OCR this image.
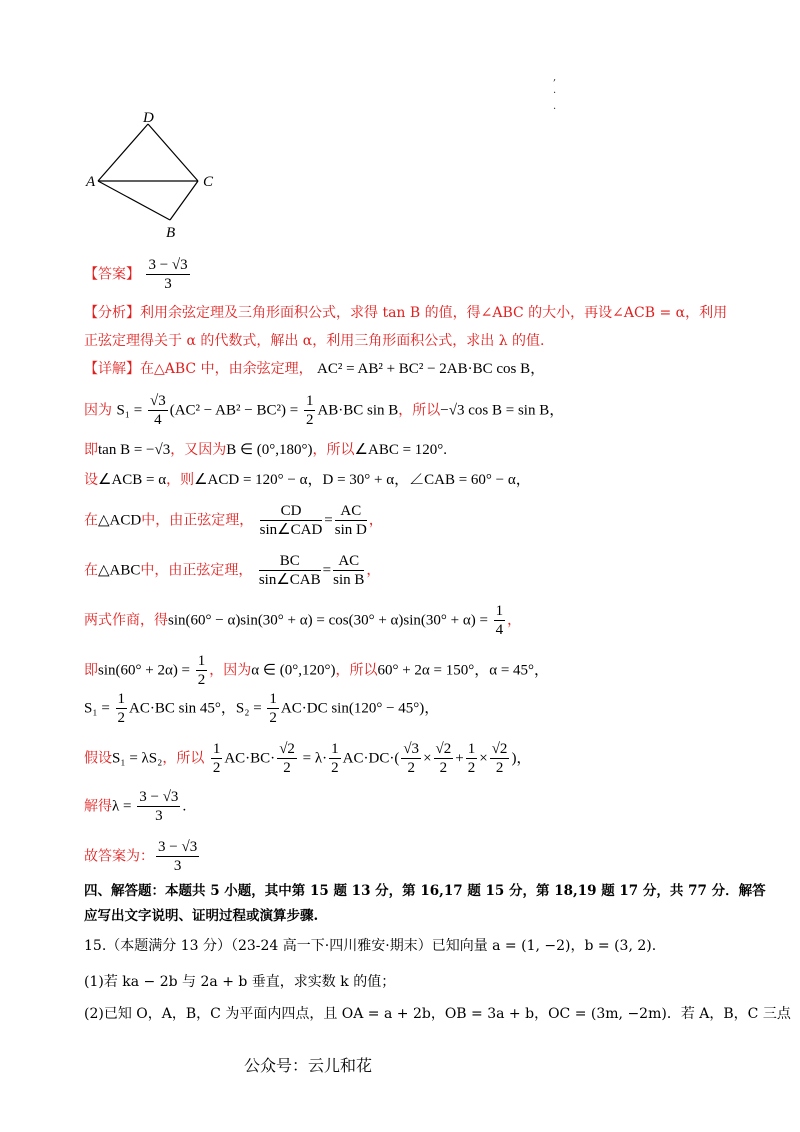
D
A	C
B
,
·
·
【答案】 $\frac{3 - √3}{3}$
【分析】利用余弦定理及三角形面积公式，求得 tan B 的值，得∠ABC 的大小，再设∠ACB = α，利用
正弦定理得关于 α 的代数式，解出 α，利用三角形面积公式，求出 λ 的值.
【详解】在△ABC 中，由余弦定理， AC² = AB² + BC² − 2AB·BC cos B，
因为 $S_1 = \frac{√3}{4} (AC^2 - AB^2 - BC^2) = \frac{1}{2} AB\cdot BC$ sin B，所以−√3 cos B = sin B，
即tan B = −√3，又因为B ∈ (0°,180°)，所以∠ABC = 120°.
设∠ACB = α，则∠ACD = 120° − α，D = 30° + α，∠CAB = 60° − α，
在△ACD中，由正弦定理， $\frac{CD}{\text{sin∠CAD}} = \frac{AC}{\text{sin D}}$ ，
在△ABC中，由正弦定理， $\frac{BC}{\text{sin∠CAB}} = \frac{AC}{\text{sin B}}$ ，
两式作商，得$\sin(60^\circ - \alpha)\sin(30^\circ + \alpha) = \cos(30^\circ + \alpha)\sin(30^\circ + \alpha) = \frac{1}{4}$ ，
即$\sin(60^\circ + 2\alpha) = \frac{1}{2}$ ，因为α ∈ (0°,120°)，所以60° + 2α = 150°，α = 45°，
$S_1 = \frac{1}{2} AC\cdot BC$ sin 45°，$S_2 = \frac{1}{2} AC\cdot DC$ sin(120° − 45°)，
假设S₁ = λS₂，所以 $\frac{1}{2} AC\cdot BC\cdot \frac{√2}{2} = \lambda\cdot \frac{1}{2} AC\cdot DC\cdot( \frac{√3}{2} \times \frac{√2}{2} + \frac{1}{2} \times \frac{√2}{2}$ )，
解得$\lambda = \frac{3 - √3}{3}$ .
故答案为： $\frac{3 - √3}{3}$
四、解答题：本题共 5 小题，其中第 15 题 13 分，第 16,17 题 15 分，第 18,19 题 17 分，共 77 分．解答
应写出文字说明、证明过程或演算步骤.
15.（本题满分 13 分）（23-24 高一下·四川雅安·期末）已知向量 a = (1, −2)，b = (3, 2).
(1)若 ka − 2b 与 2a + b 垂直，求实数 k 的值；
(2)已知 O，A，B，C 为平面内四点，且 OA = a + 2b，OB = 3a + b，OC = (3m, −2m)．若 A，B，C 三点
公众号：云儿和花
